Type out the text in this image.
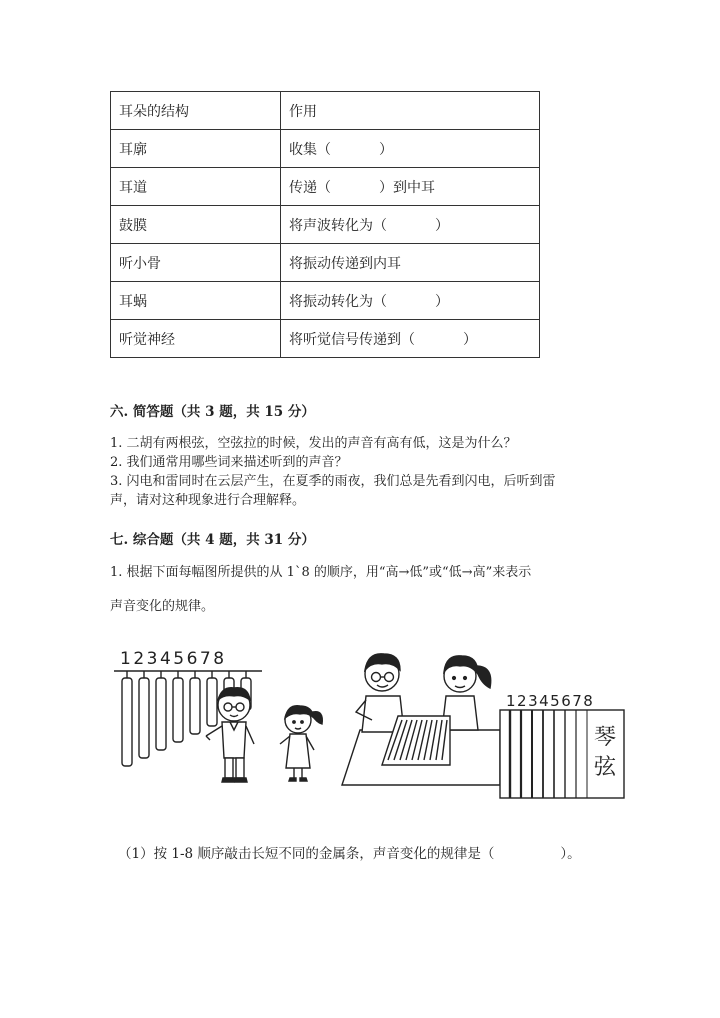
耳朵的结构	作用
耳廓	收集（ ）
耳道	传递（ ）到中耳
鼓膜	将声波转化为（ ）
听小骨	将振动传递到内耳
耳蜗	将振动转化为（ ）
听觉神经	将听觉信号传递到（ ）
六. 简答题（共 3 题，共 15 分）
1. 二胡有两根弦，空弦拉的时候，发出的声音有高有低，这是为什么？
2. 我们通常用哪些词来描述听到的声音？
3. 闪电和雷同时在云层产生，在夏季的雨夜，我们总是先看到闪电，后听到雷
声，请对这种现象进行合理解释。
七. 综合题（共 4 题，共 31 分）
1. 根据下面每幅图所提供的从 1`8 的顺序，用“高→低”或“低→高”来表示
声音变化的规律。
12345678
12345678
琴
弦
（1）按 1-8 顺序敲击长短不同的金属条，声音变化的规律是（	）。
